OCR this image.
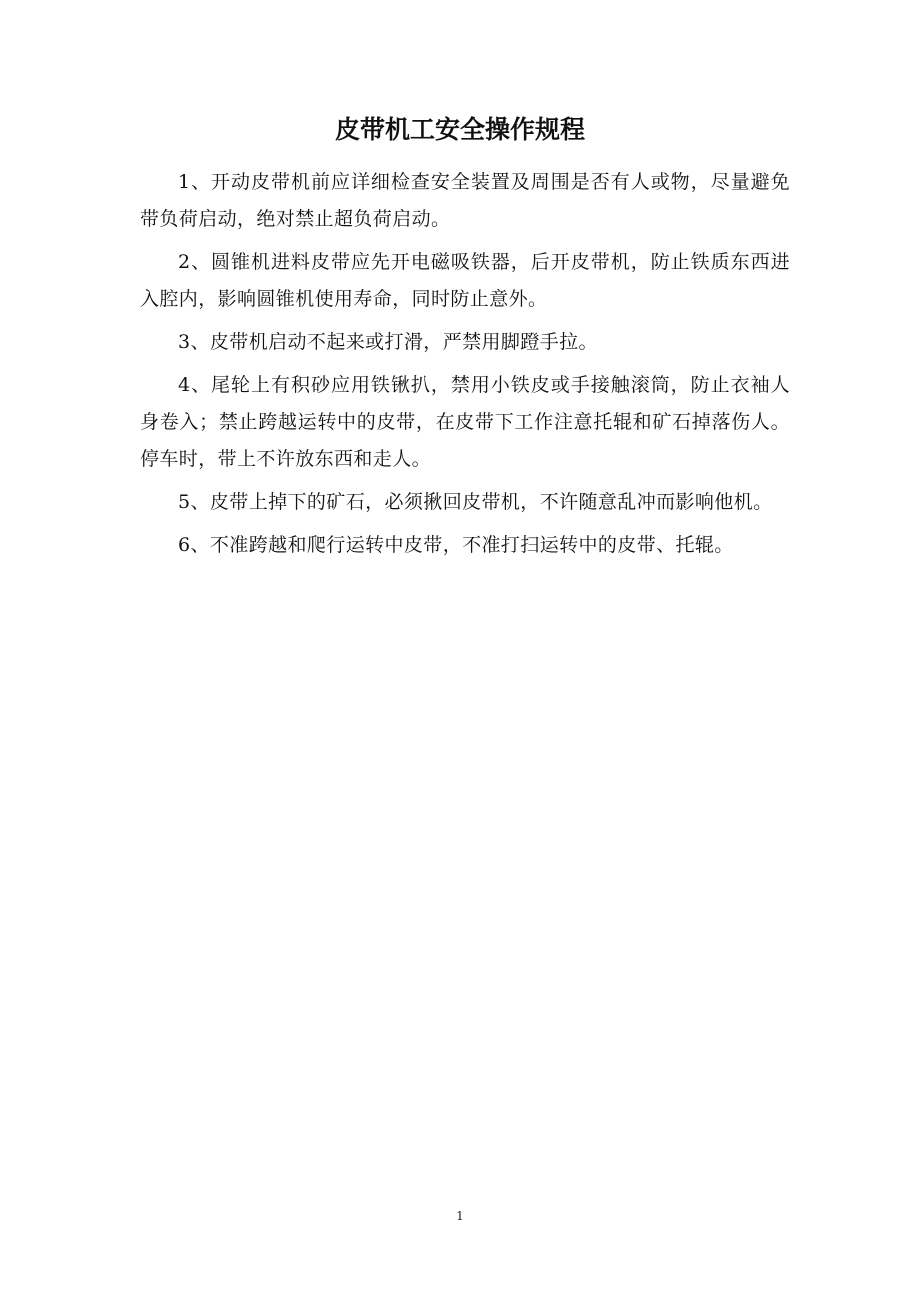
皮带机工安全操作规程

1、开动皮带机前应详细检查安全装置及周围是否有人或物，尽量避免带负荷启动，绝对禁止超负荷启动。

2、圆锥机进料皮带应先开电磁吸铁器，后开皮带机，防止铁质东西进入腔内，影响圆锥机使用寿命，同时防止意外。

3、皮带机启动不起来或打滑，严禁用脚蹬手拉。

4、尾轮上有积砂应用铁锹扒，禁用小铁皮或手接触滚筒，防止衣袖人身卷入；禁止跨越运转中的皮带，在皮带下工作注意托辊和矿石掉落伤人。停车时，带上不许放东西和走人。

5、皮带上掉下的矿石，必须揪回皮带机，不许随意乱冲而影响他机。

6、不准跨越和爬行运转中皮带，不准打扫运转中的皮带、托辊。

1
